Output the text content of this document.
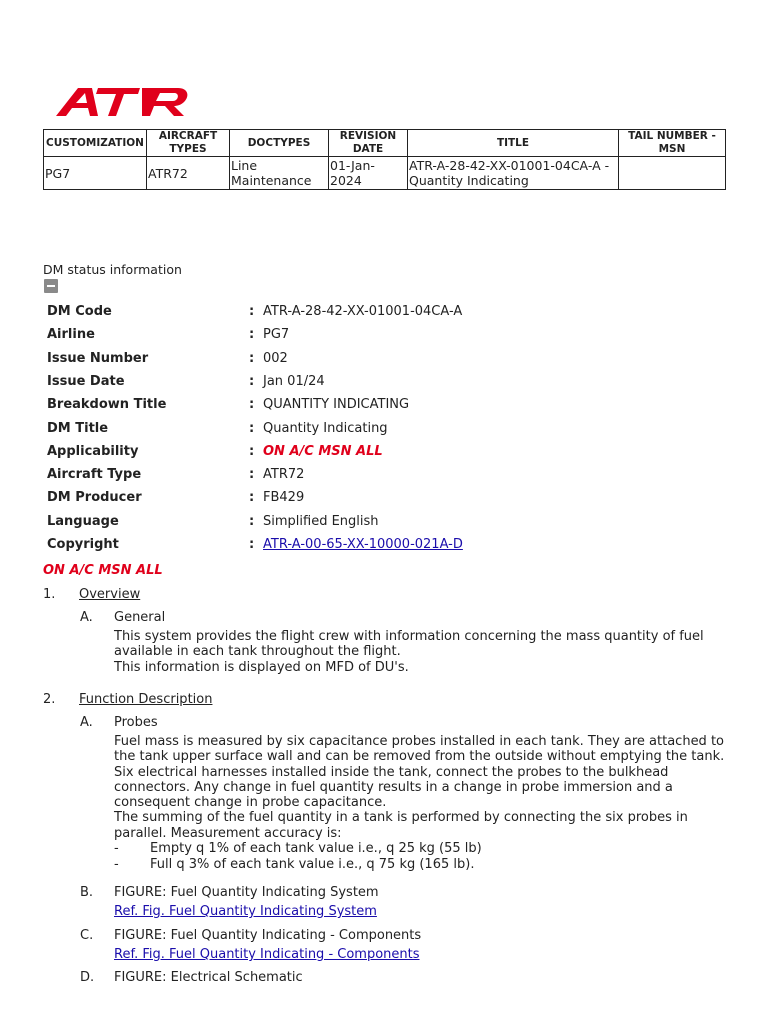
CUSTOMIZATION	AIRCRAFT TYPES	DOCTYPES	REVISION DATE	TITLE	TAIL NUMBER - MSN
PG7	ATR72	Line Maintenance	01-Jan-2024	ATR-A-28-42-XX-01001-04CA-A - Quantity Indicating	
DM status information
DM Code	: ATR-A-28-42-XX-01001-04CA-A
Airline	: PG7
Issue Number	: 002
Issue Date	: Jan 01/24
Breakdown Title	: QUANTITY INDICATING
DM Title	: Quantity Indicating
Applicability	: ON A/C MSN ALL
Aircraft Type	: ATR72
DM Producer	: FB429
Language	: Simplified English
Copyright	: ATR-A-00-65-XX-10000-021A-D
ON A/C MSN ALL
1. Overview
A. General
This system provides the flight crew with information concerning the mass quantity of fuel
available in each tank throughout the flight.
This information is displayed on MFD of DU's.
2. Function Description
A. Probes
Fuel mass is measured by six capacitance probes installed in each tank. They are attached to
the tank upper surface wall and can be removed from the outside without emptying the tank.
Six electrical harnesses installed inside the tank, connect the probes to the bulkhead
connectors. Any change in fuel quantity results in a change in probe immersion and a
consequent change in probe capacitance.
The summing of the fuel quantity in a tank is performed by connecting the six probes in
parallel. Measurement accuracy is:
- Empty q 1% of each tank value i.e., q 25 kg (55 lb)
- Full q 3% of each tank value i.e., q 75 kg (165 lb).
B. FIGURE: Fuel Quantity Indicating System
Ref. Fig. Fuel Quantity Indicating System
C. FIGURE: Fuel Quantity Indicating - Components
Ref. Fig. Fuel Quantity Indicating - Components
D. FIGURE: Electrical Schematic
